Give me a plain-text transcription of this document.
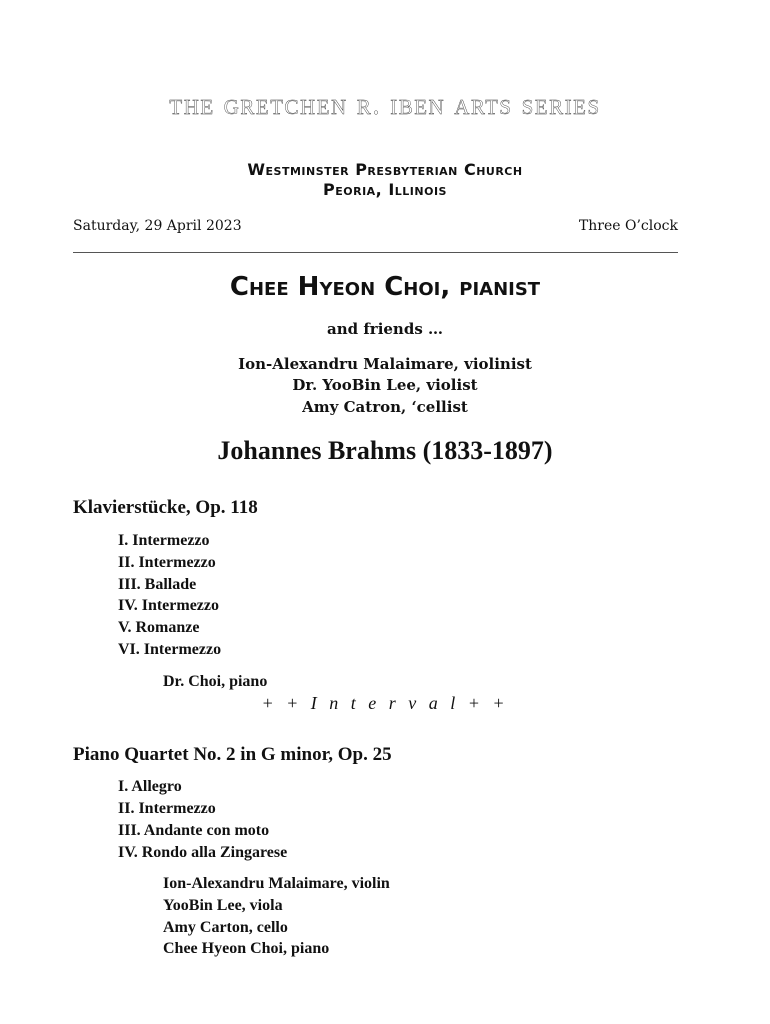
the gretchen r. iben arts series
Westminster Presbyterian Church
Peoria, Illinois
Saturday, 29 April 2023	Three O’clock
Chee Hyeon Choi, pianist
and friends …
Ion-Alexandru Malaimare, violinist
Dr. YooBin Lee, violist
Amy Catron, ‘cellist
Johannes Brahms (1833-1897)
Klavierstücke, Op. 118
I. Intermezzo
II. Intermezzo
III. Ballade
IV. Intermezzo
V. Romanze
VI. Intermezzo
Dr. Choi, piano
+ + I n t e r v a l + +
Piano Quartet No. 2 in G minor, Op. 25
I. Allegro
II. Intermezzo
III. Andante con moto
IV. Rondo alla Zingarese
Ion-Alexandru Malaimare, violin
YooBin Lee, viola
Amy Carton, cello
Chee Hyeon Choi, piano
